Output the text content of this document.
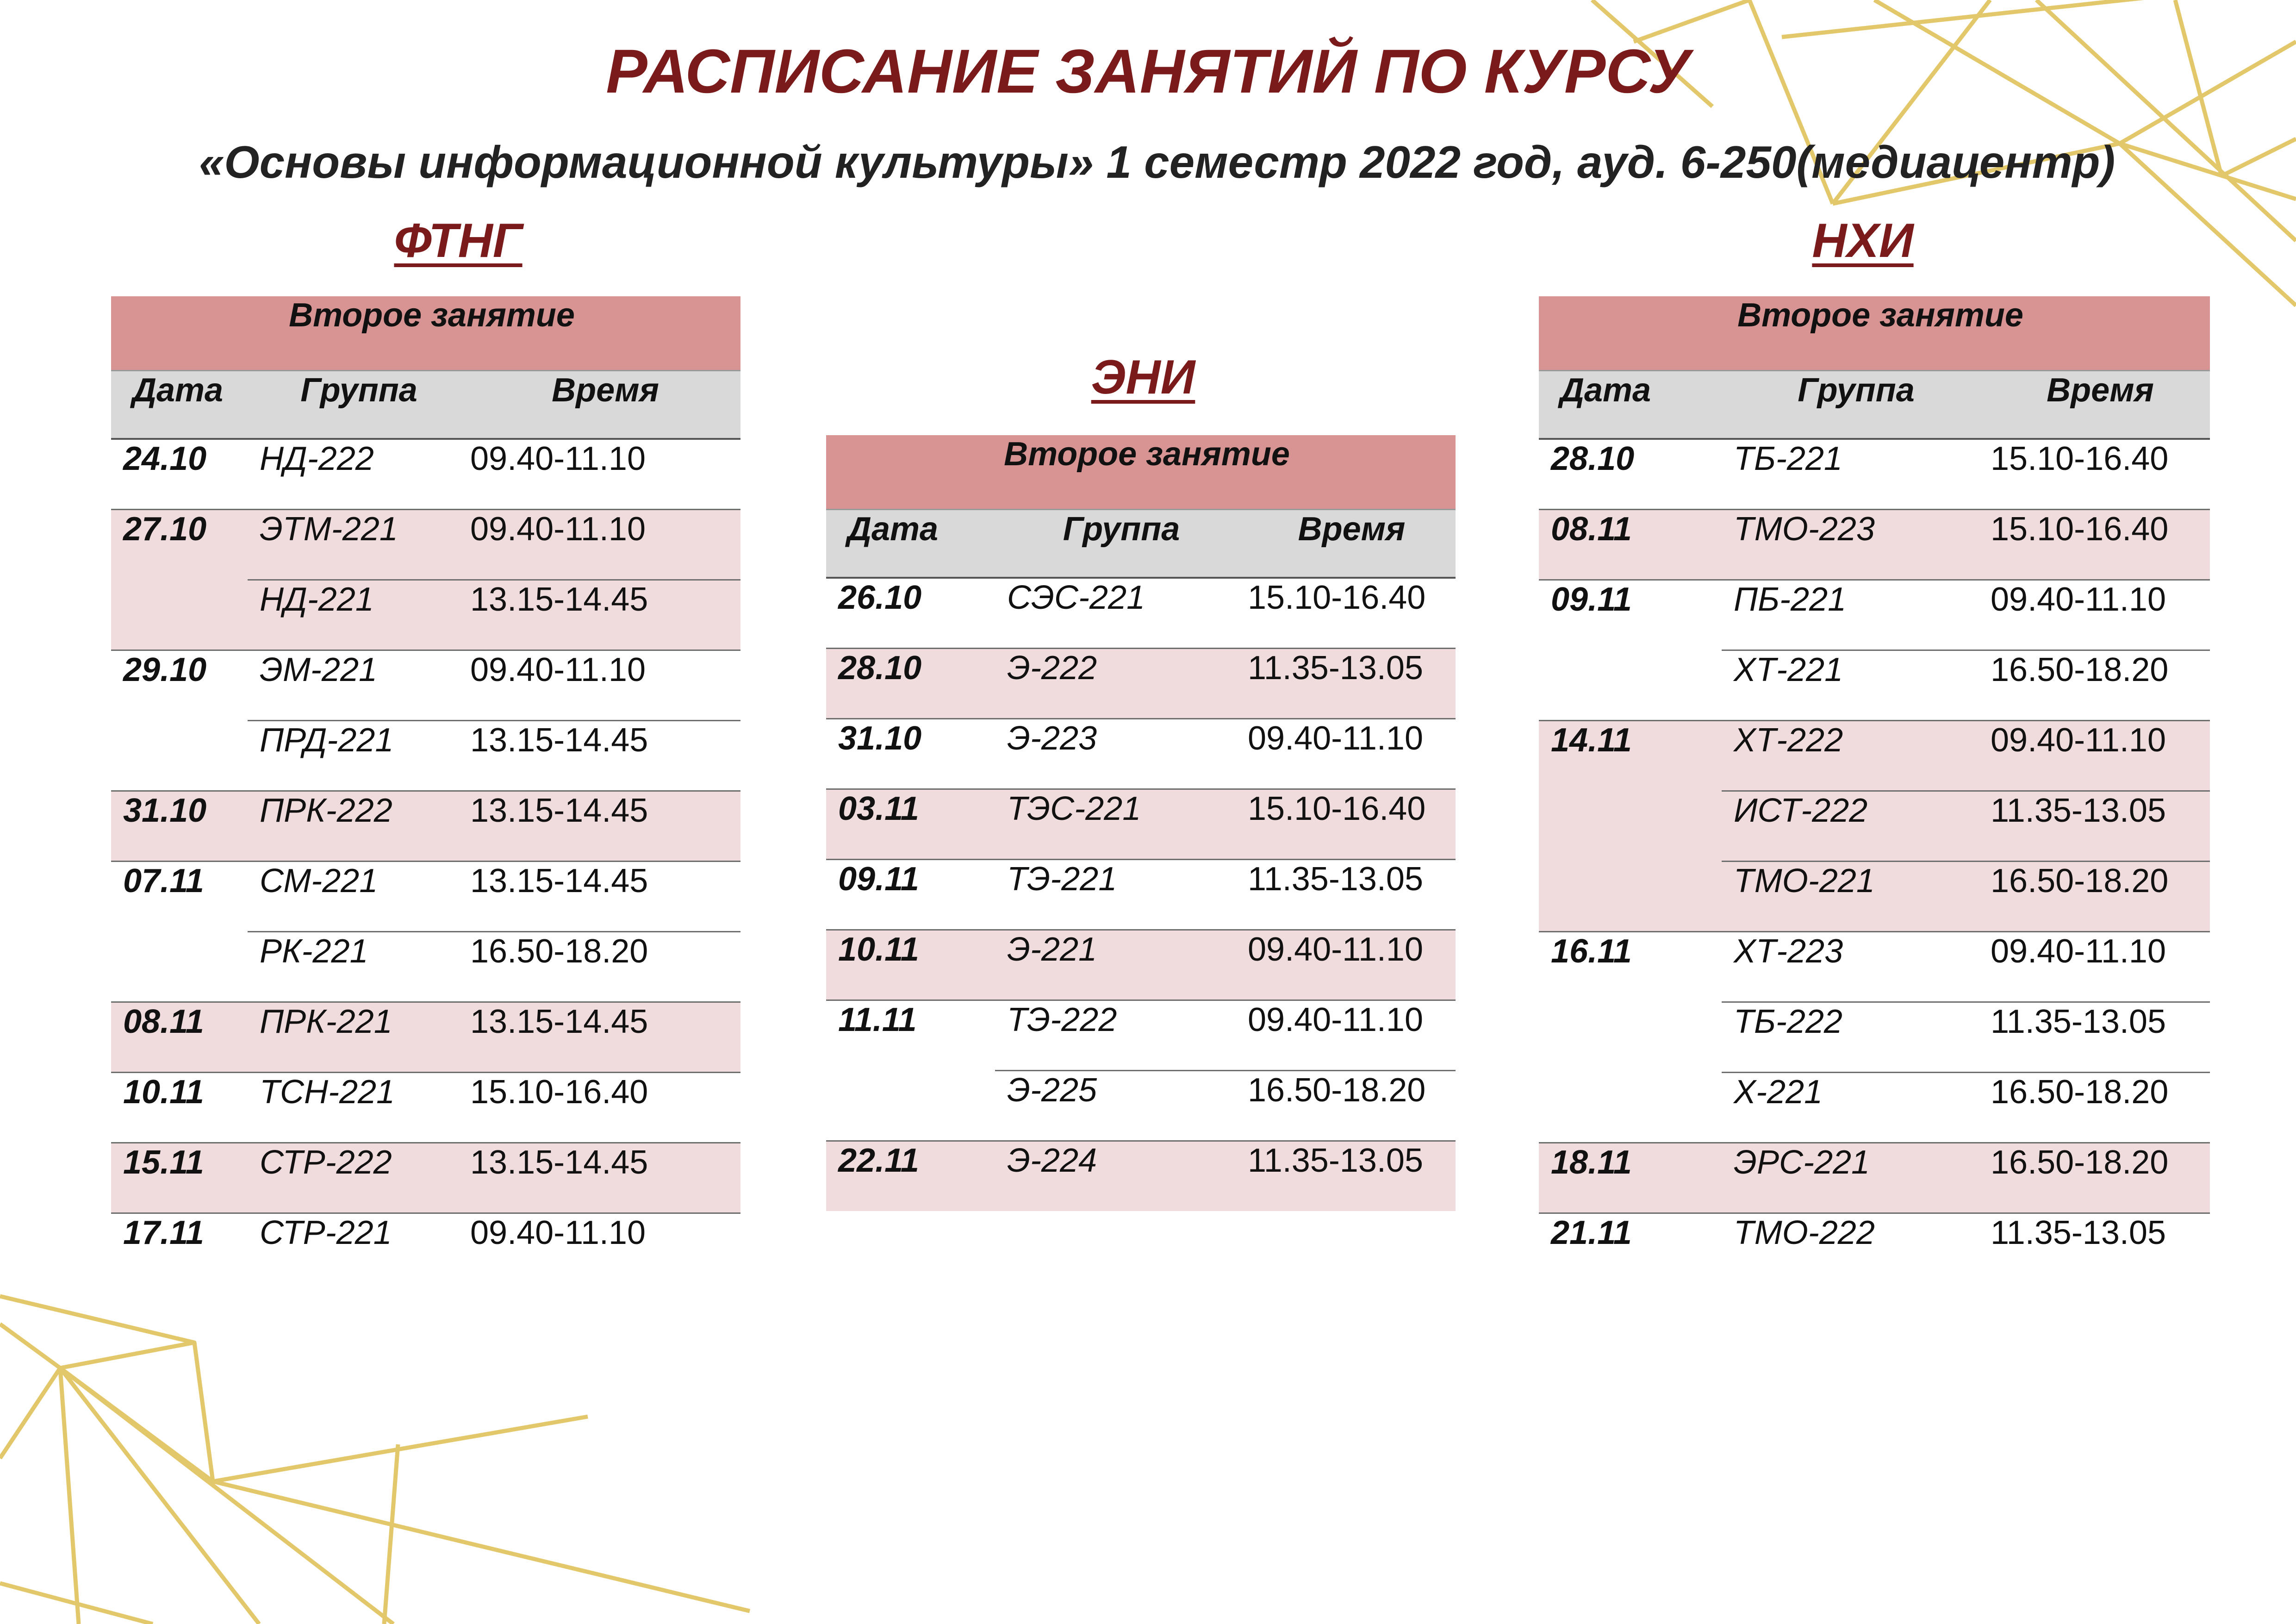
РАСПИСАНИЕ ЗАНЯТИЙ ПО КУРСУ
«Основы информационной культуры» 1 семестр 2022 год, ауд. 6-250(медиацентр)
ФТНГ
ЭНИ
НХИ
Второе занятие		
Дата	Группа	Время
24.10	НД-222	09.40-11.10
27.10	ЭТМ-221	09.40-11.10
	НД-221	13.15-14.45
29.10	ЭМ-221	09.40-11.10
	ПРД-221	13.15-14.45
31.10	ПРК-222	13.15-14.45
07.11	СМ-221	13.15-14.45
	РК-221	16.50-18.20
08.11	ПРК-221	13.15-14.45
10.11	ТСН-221	15.10-16.40
15.11	СТР-222	13.15-14.45
17.11	СТР-221	09.40-11.10
Второе занятие		
Дата	Группа	Время
26.10	СЭС-221	15.10-16.40
28.10	Э-222	11.35-13.05
31.10	Э-223	09.40-11.10
03.11	ТЭС-221	15.10-16.40
09.11	ТЭ-221	11.35-13.05
10.11	Э-221	09.40-11.10
11.11	ТЭ-222	09.40-11.10
	Э-225	16.50-18.20
22.11	Э-224	11.35-13.05
Второе занятие		
Дата	Группа	Время
28.10	ТБ-221	15.10-16.40
08.11	ТМО-223	15.10-16.40
09.11	ПБ-221	09.40-11.10
	ХТ-221	16.50-18.20
14.11	ХТ-222	09.40-11.10
	ИСТ-222	11.35-13.05
	ТМО-221	16.50-18.20
16.11	ХТ-223	09.40-11.10
	ТБ-222	11.35-13.05
	Х-221	16.50-18.20
18.11	ЭРС-221	16.50-18.20
21.11	ТМО-222	11.35-13.05
